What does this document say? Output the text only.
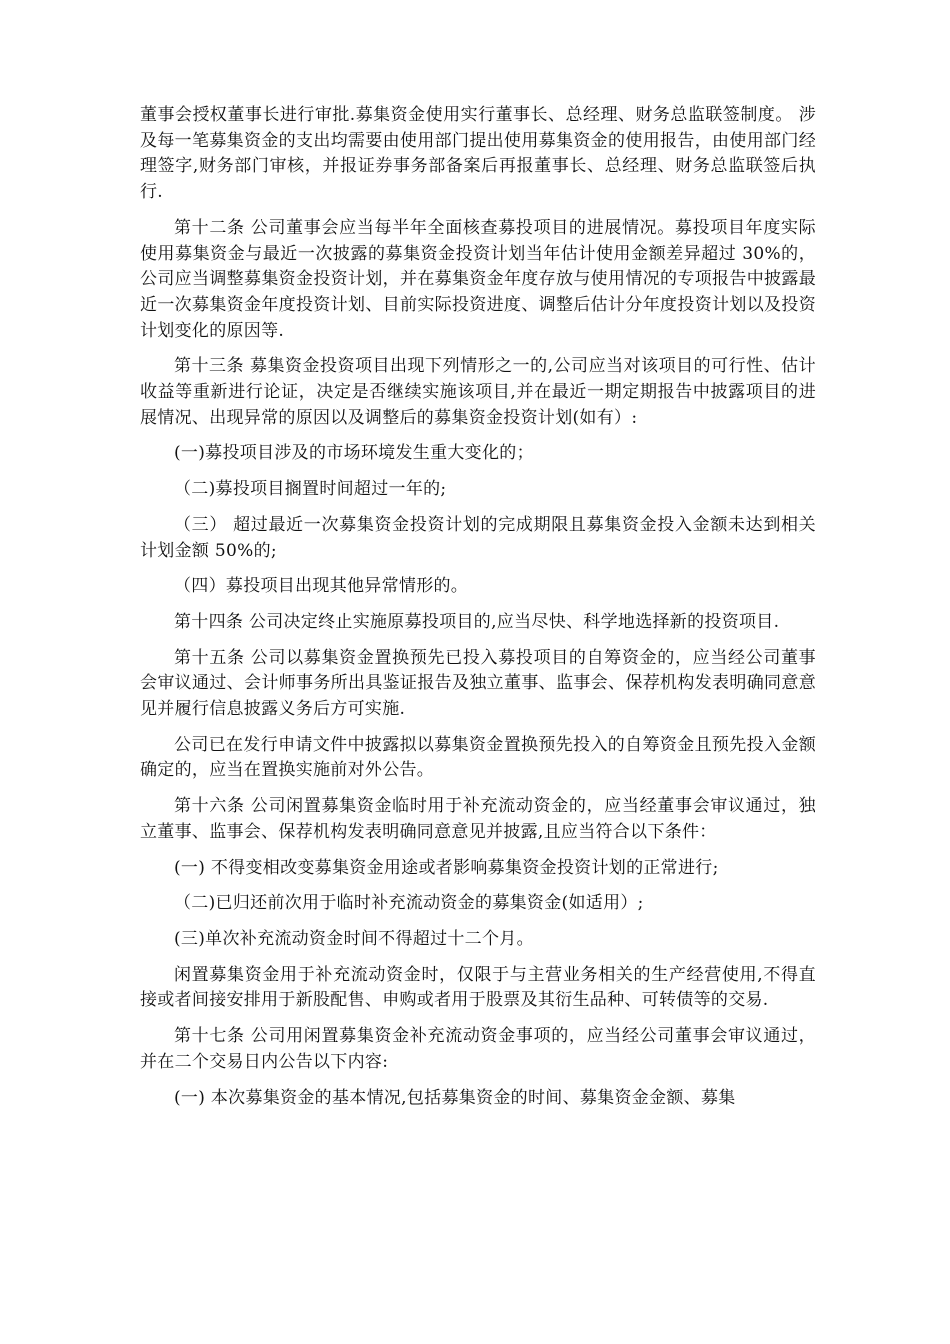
董事会授权董事长进行审批.募集资金使用实行董事长、总经理、财务总监联签制度。 涉及每一笔募集资金的支出均需要由使用部门提出使用募集资金的使用报告，由使用部门经理签字,财务部门审核，并报证券事务部备案后再报董事长、总经理、财务总监联签后执行.

第十二条 公司董事会应当每半年全面核查募投项目的进展情况。募投项目年度实际使用募集资金与最近一次披露的募集资金投资计划当年估计使用金额差异超过 30%的，公司应当调整募集资金投资计划，并在募集资金年度存放与使用情况的专项报告中披露最近一次募集资金年度投资计划、目前实际投资进度、调整后估计分年度投资计划以及投资计划变化的原因等.

第十三条 募集资金投资项目出现下列情形之一的,公司应当对该项目的可行性、估计收益等重新进行论证，决定是否继续实施该项目,并在最近一期定期报告中披露项目的进展情况、出现异常的原因以及调整后的募集资金投资计划(如有）:

(一)募投项目涉及的市场环境发生重大变化的；

（二)募投项目搁置时间超过一年的;

（三） 超过最近一次募集资金投资计划的完成期限且募集资金投入金额未达到相关计划金额 50%的;

（四）募投项目出现其他异常情形的。

第十四条 公司决定终止实施原募投项目的,应当尽快、科学地选择新的投资项目.

第十五条 公司以募集资金置换预先已投入募投项目的自筹资金的，应当经公司董事会审议通过、会计师事务所出具鉴证报告及独立董事、监事会、保荐机构发表明确同意意见并履行信息披露义务后方可实施.

公司已在发行申请文件中披露拟以募集资金置换预先投入的自筹资金且预先投入金额确定的，应当在置换实施前对外公告。

第十六条 公司闲置募集资金临时用于补充流动资金的，应当经董事会审议通过，独立董事、监事会、保荐机构发表明确同意意见并披露,且应当符合以下条件：

(一) 不得变相改变募集资金用途或者影响募集资金投资计划的正常进行;

（二)已归还前次用于临时补充流动资金的募集资金(如适用）;

(三)单次补充流动资金时间不得超过十二个月。

闲置募集资金用于补充流动资金时，仅限于与主营业务相关的生产经营使用,不得直接或者间接安排用于新股配售、申购或者用于股票及其衍生品种、可转债等的交易.

第十七条 公司用闲置募集资金补充流动资金事项的，应当经公司董事会审议通过，并在二个交易日内公告以下内容:

(一) 本次募集资金的基本情况,包括募集资金的时间、募集资金金额、募集
